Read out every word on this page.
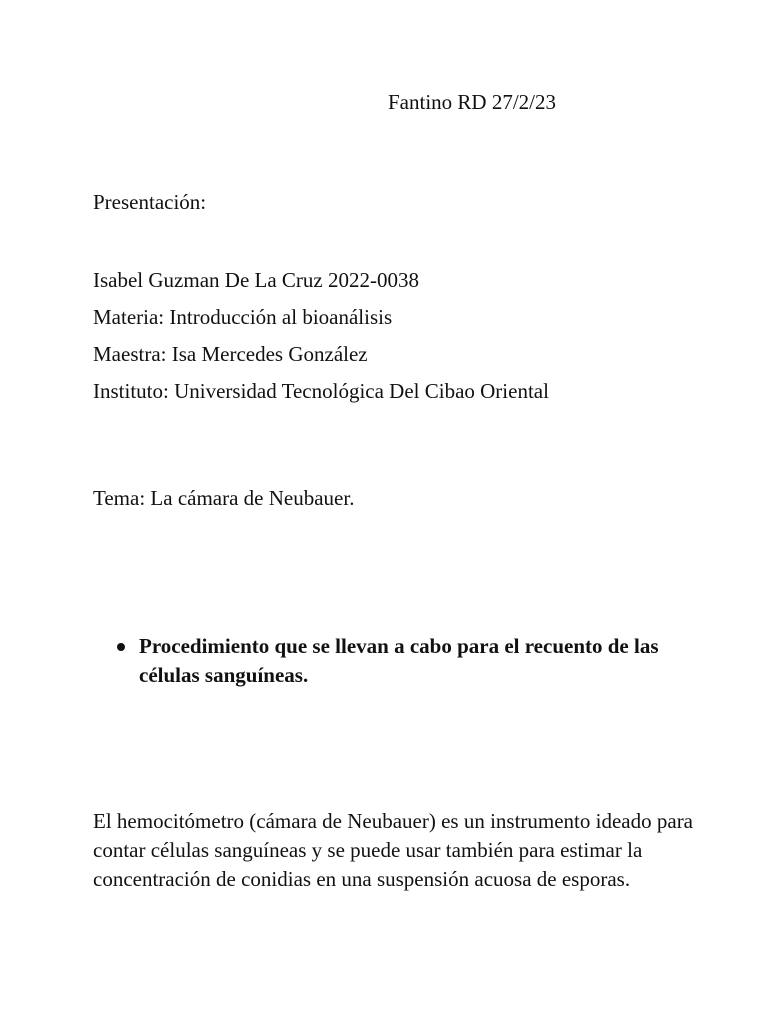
Fantino RD 27/2/23
Presentación:
Isabel Guzman De La Cruz 2022-0038
Materia: Introducción al bioanálisis
Maestra: Isa Mercedes González
Instituto: Universidad Tecnológica Del Cibao Oriental
Tema: La cámara de Neubauer.
Procedimiento que se llevan a cabo para el recuento de las células sanguíneas.
El hemocitómetro (cámara de Neubauer) es un instrumento ideado para contar células sanguíneas y se puede usar también para estimar la concentración de conidias en una suspensión acuosa de esporas.
